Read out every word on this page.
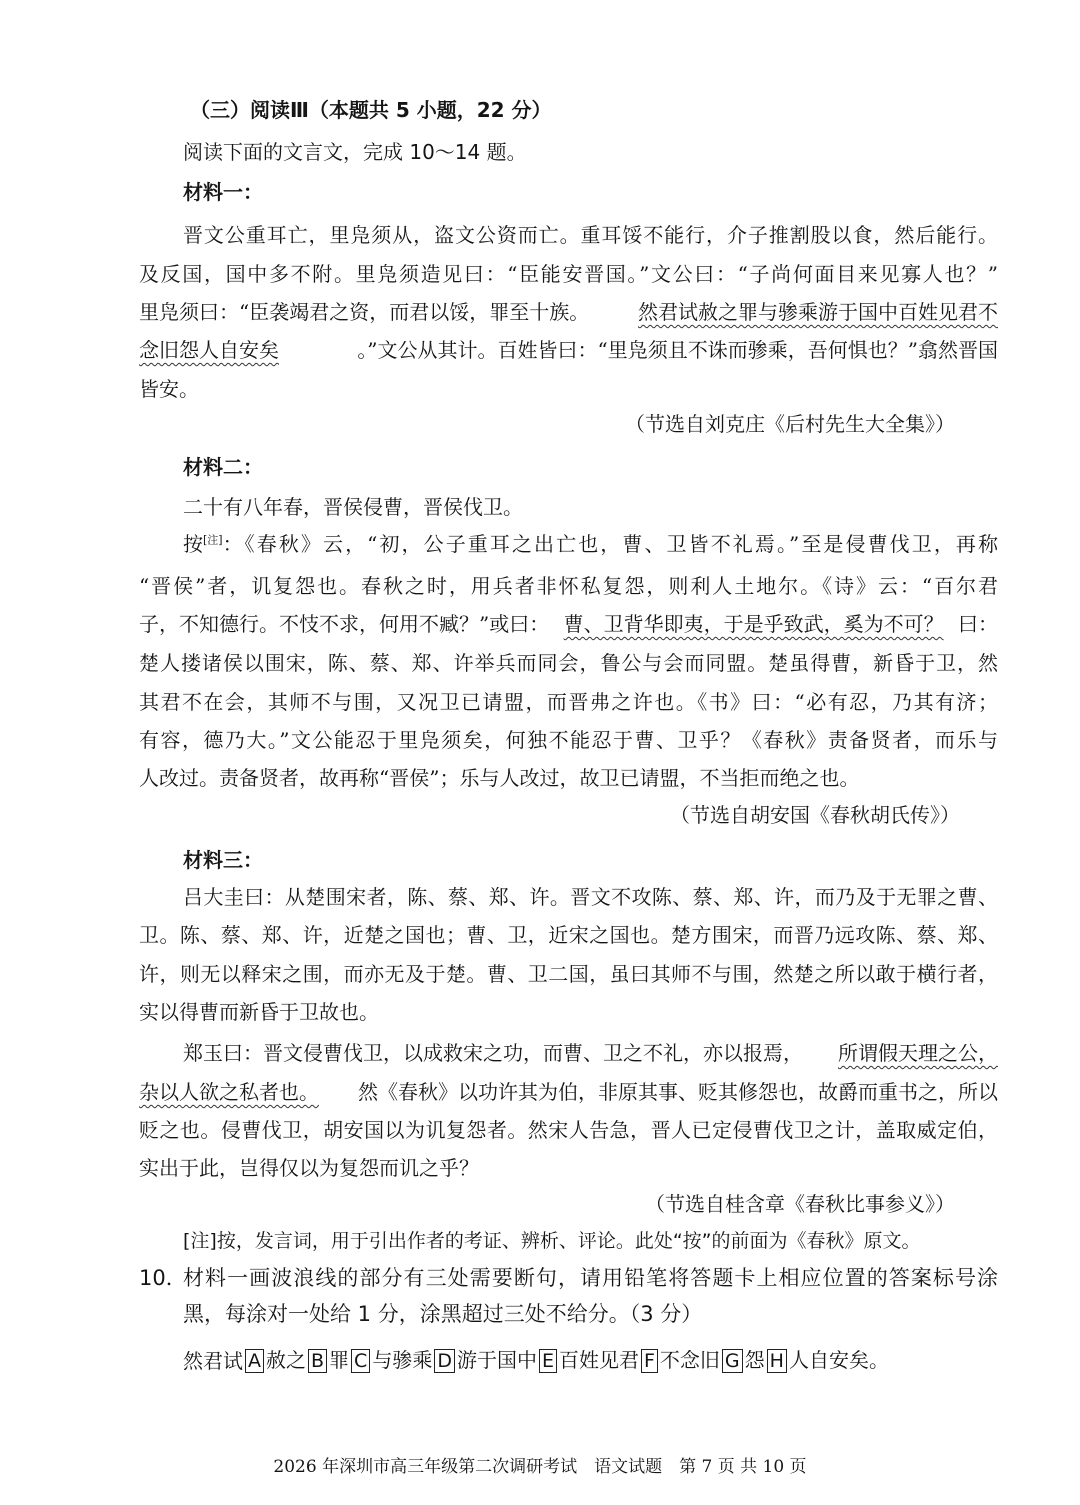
（三）阅读Ⅲ（本题共 5 小题，22 分）
阅读下面的文言文，完成 10～14 题。
材料一：
晋文公重耳亡，里凫须从，盗文公资而亡。重耳馁不能行，介子推割股以食，然后能行。
及反国，国中多不附。里凫须造见曰：“臣能安晋国。”文公曰：“子尚何面目来见寡人也？”
里凫须曰：“臣袭竭君之资，而君以馁，罪至十族。 然君试赦之罪与骖乘游于国中百姓见君不
念旧怨人自安矣	。”文公从其计。百姓皆曰：“里凫须且不诛而骖乘，吾何惧也？”翕然晋国
皆安。
（节选自刘克庄《后村先生大全集》）
材料二：
二十有八年春，晋侯侵曹，晋侯伐卫。
按[注] ：《春秋》云，“初，公子重耳之出亡也，曹、卫皆不礼焉。”至是侵曹伐卫，再称
“晋侯”者，讥复怨也。春秋之时，用兵者非怀私复怨，则利人土地尔。《诗》云：“百尔君
子，不知德行。不忮不求，何用不臧？”或曰： 曹、卫背华即夷，于是乎致武，奚为不可？ 曰：
楚人搂诸侯以围宋，陈、蔡、郑、许举兵而同会，鲁公与会而同盟。楚虽得曹，新昏于卫，然
其君不在会，其师不与围，又况卫已请盟，而晋弗之许也。《书》曰：“必有忍，乃其有济；
有容，德乃大。”文公能忍于里凫须矣，何独不能忍于曹、卫乎？《春秋》责备贤者，而乐与
人改过。责备贤者，故再称“晋侯”；乐与人改过，故卫已请盟，不当拒而绝之也。
（节选自胡安国《春秋胡氏传》）
材料三：
吕大圭曰：从楚围宋者，陈、蔡、郑、许。晋文不攻陈、蔡、郑、许，而乃及于无罪之曹、
卫。陈、蔡、郑、许，近楚之国也；曹、卫，近宋之国也。楚方围宋，而晋乃远攻陈、蔡、郑、
许，则无以释宋之围，而亦无及于楚。曹、卫二国，虽曰其师不与围，然楚之所以敢于横行者，
实以得曹而新昏于卫故也。
郑玉曰：晋文侵曹伐卫，以成救宋之功，而曹、卫之不礼，亦以报焉， 所谓假天理之公，
杂以人欲之私者也。 然《春秋》以功许其为伯，非原其事、贬其修怨也，故爵而重书之，所以
贬之也。侵曹伐卫，胡安国以为讥复怨者。然宋人告急，晋人已定侵曹伐卫之计，盖取威定伯，
实出于此，岂得仅以为复怨而讥之乎？
（节选自桂含章《春秋比事参义》）
[注]按，发言词，用于引出作者的考证、辨析、评论。此处“按”的前面为《春秋》原文。
10．
材料一画波浪线的部分有三处需要断句，请用铅笔将答题卡上相应位置的答案标号涂
黑，每涂对一处给 1 分，涂黑超过三处不给分。（3 分）
然君试 A 赦之 B 罪 C 与骖乘 D 游于国中 E 百姓见君 F 不念旧 G 怨 H 人自安矣。
2026 年深圳市高三年级第二次调研考试　语文试题　第 7 页 共 10 页
